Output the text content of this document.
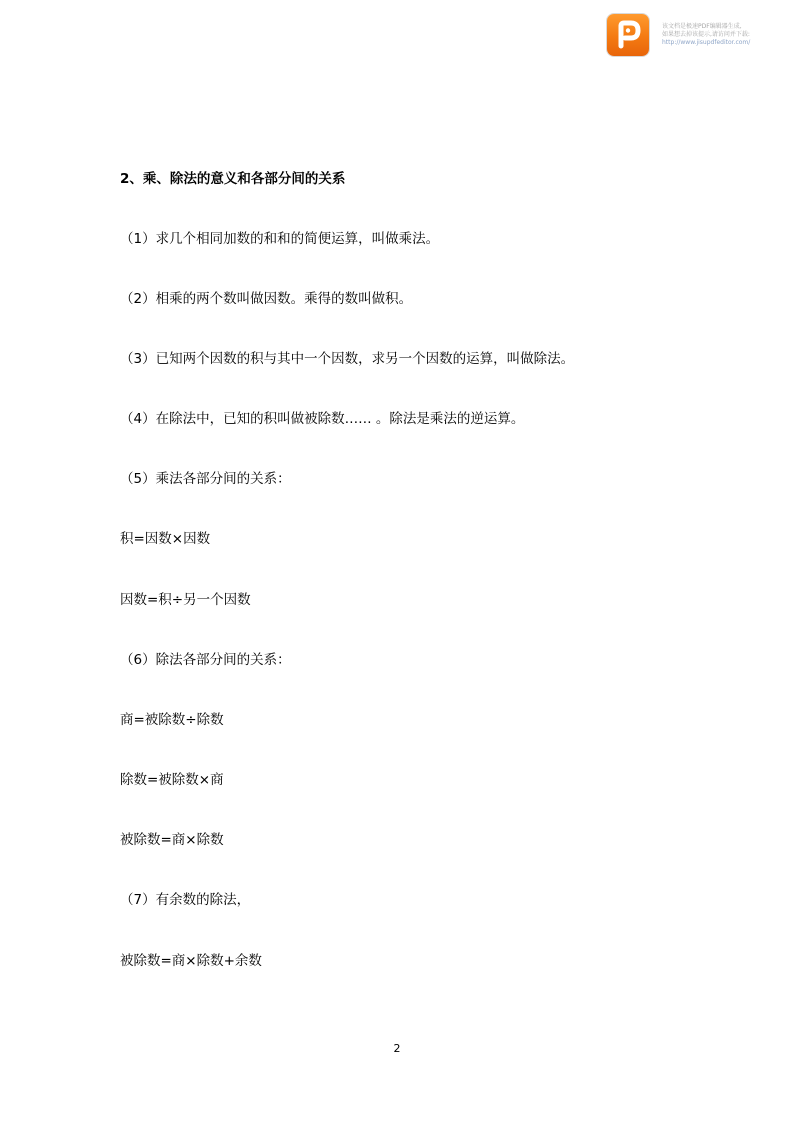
该文档是极速PDF编辑器生成,
如果想去掉该提示,请访问并下载:
http://www.jisupdfeditor.com/
2、乘、除法的意义和各部分间的关系
（1）求几个相同加数的和和的简便运算，叫做乘法。
（2）相乘的两个数叫做因数。乘得的数叫做积。
（3）已知两个因数的积与其中一个因数，求另一个因数的运算，叫做除法。
（4）在除法中，已知的积叫做被除数…… 。除法是乘法的逆运算。
（5）乘法各部分间的关系：
积=因数×因数
因数=积÷另一个因数
（6）除法各部分间的关系：
商=被除数÷除数
除数=被除数×商
被除数=商×除数
（7）有余数的除法，
被除数=商×除数+余数
2
